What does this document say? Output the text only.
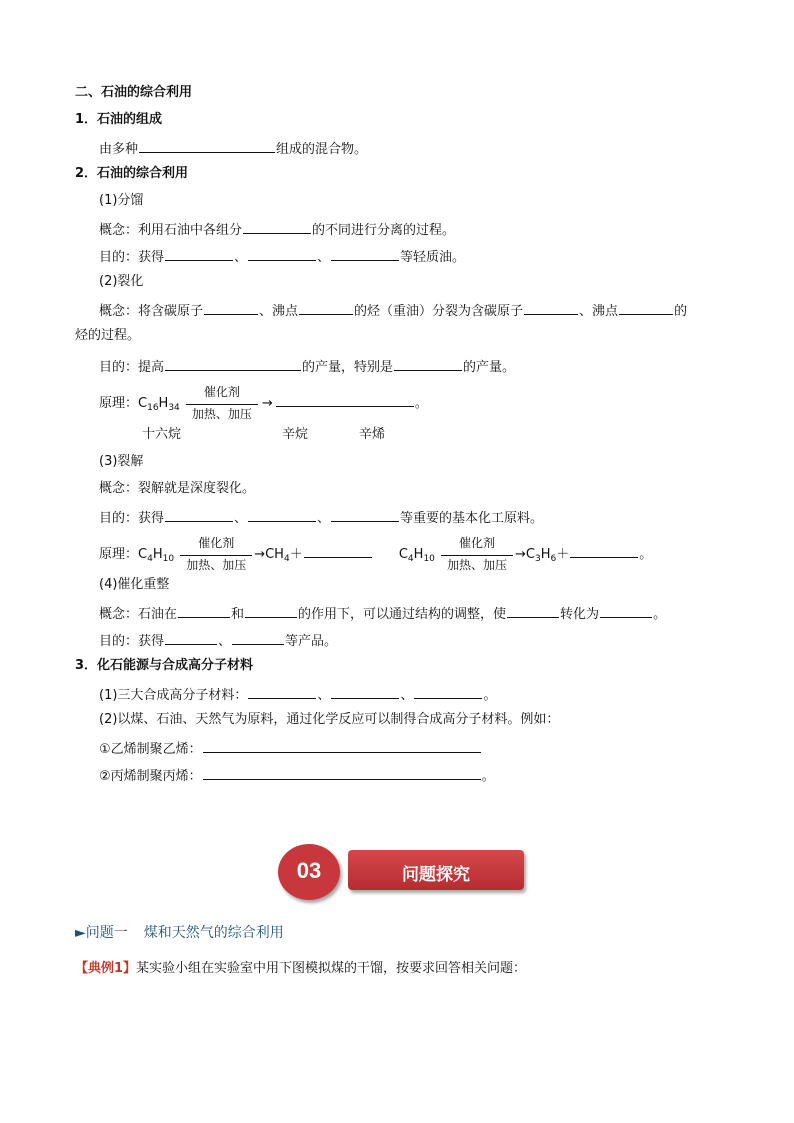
二、石油的综合利用
1．石油的组成
由多种	组成的混合物。
2．石油的综合利用
(1)分馏
概念：利用石油中各组分	的不同进行分离的过程。
目的：获得	、	、	等轻质油。
(2)裂化
概念：将含碳原子	、沸点	的烃（重油）分裂为含碳原子	、沸点	的
烃的过程。
目的：提高	的产量，特别是	的产量。
原理：$C_{16}H_{34}$
催化剂
加热、加压
→	。
十六烷	辛烷	辛烯
(3)裂解
概念：裂解就是深度裂化。
目的：获得	、	、	等重要的基本化工原料。
原理：$C_4H_{10}$
催化剂
加热、加压
$\to CH_4+$	$C_4H_{10}$
催化剂
加热、加压
$\to C_3H_6+$	。
(4)催化重整
概念：石油在	和	的作用下，可以通过结构的调整，使	转化为	。
目的：获得	、	等产品。
3．化石能源与合成高分子材料
(1)三大合成高分子材料：	、	、	。
(2)以煤、石油、天然气为原料，通过化学反应可以制得合成高分子材料。例如：
①乙烯制聚乙烯：
②丙烯制聚丙烯：	。
03	问题探究
►问题一 煤和天然气的综合利用
【典例1】某实验小组在实验室中用下图模拟煤的干馏，按要求回答相关问题：
